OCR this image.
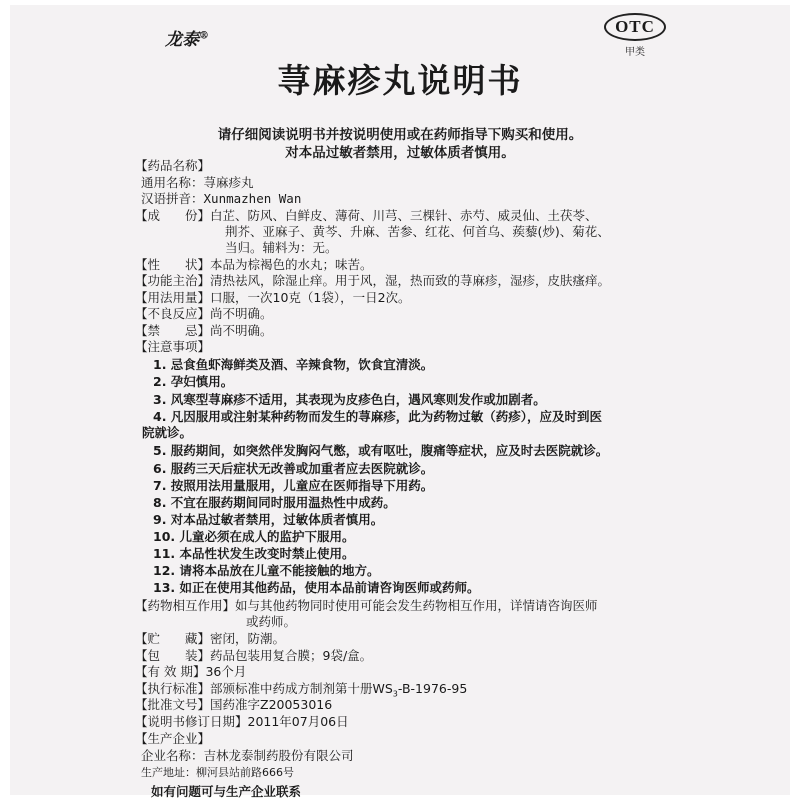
龙泰®	OTC
甲类
荨麻疹丸说明书
请仔细阅读说明书并按说明使用或在药师指导下购买和使用。
对本品过敏者禁用，过敏体质者慎用。
【药品名称】
通用名称：荨麻疹丸
汉语拼音：Xunmazhen Wan
【成　　份】白芷、防风、白鲜皮、薄荷、川芎、三棵针、赤芍、威灵仙、土茯苓、
荆芥、亚麻子、黄芩、升麻、苦参、红花、何首乌、蒺藜(炒)、菊花、
当归。辅料为：无。
【性　　状】本品为棕褐色的水丸；味苦。
【功能主治】清热祛风，除湿止痒。用于风，湿，热而致的荨麻疹，湿疹，皮肤瘙痒。
【用法用量】口服，一次10克（1袋），一日2次。
【不良反应】尚不明确。
【禁　　忌】尚不明确。
【注意事项】
1. 忌食鱼虾海鲜类及酒、辛辣食物，饮食宜清淡。
2. 孕妇慎用。
3. 风寒型荨麻疹不适用，其表现为皮疹色白，遇风寒则发作或加剧者。
4. 凡因服用或注射某种药物而发生的荨麻疹，此为药物过敏（药疹），应及时到医
院就诊。
5. 服药期间，如突然伴发胸闷气憋，或有呕吐，腹痛等症状，应及时去医院就诊。
6. 服药三天后症状无改善或加重者应去医院就诊。
7. 按照用法用量服用，儿童应在医师指导下用药。
8. 不宜在服药期间同时服用温热性中成药。
9. 对本品过敏者禁用，过敏体质者慎用。
10. 儿童必须在成人的监护下服用。
11. 本品性状发生改变时禁止使用。
12. 请将本品放在儿童不能接触的地方。
13. 如正在使用其他药品，使用本品前请咨询医师或药师。
【药物相互作用】如与其他药物同时使用可能会发生药物相互作用，详情请咨询医师
或药师。
【贮　　藏】密闭，防潮。
【包　　装】药品包装用复合膜；9袋/盒。
【有 效 期】36个月
【执行标准】部颁标准中药成方制剂第十册$WS_3-B-1976-95$
【批准文号】国药准字Z20053016
【说明书修订日期】2011年07月06日
【生产企业】
企业名称：吉林龙泰制药股份有限公司
生产地址：柳河县站前路666号
如有问题可与生产企业联系
